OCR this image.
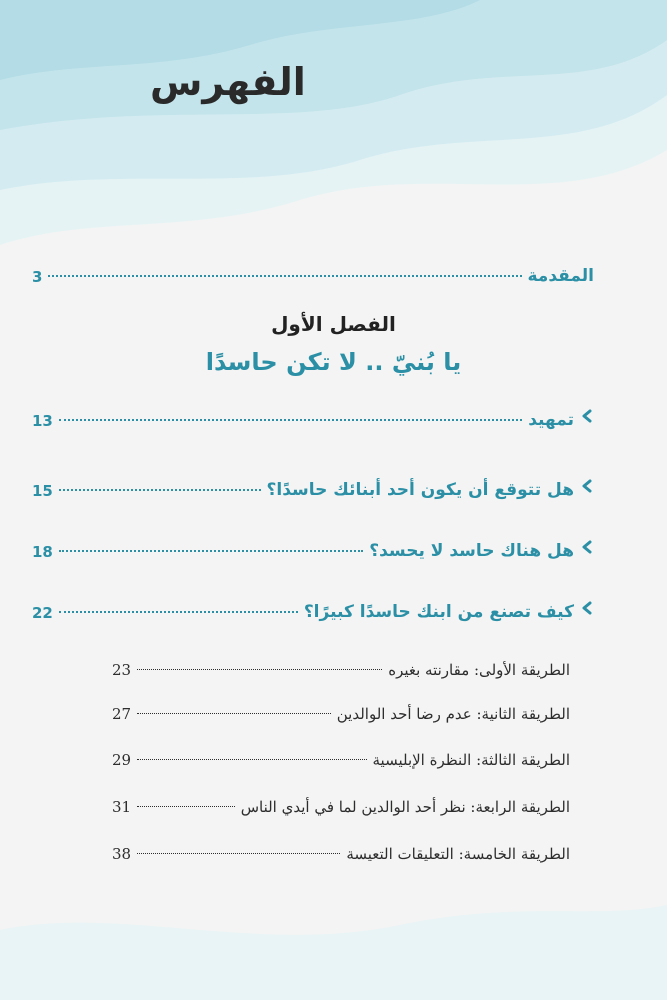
الفهرس
المقدمة
3
الفصل الأول
يا بُنيّ .. لا تكن حاسدًا
تمهيد
13
هل تتوقع أن يكون أحد أبنائك حاسدًا؟
15
هل هناك حاسد لا يحسد؟
18
كيف تصنع من ابنك حاسدًا كبيرًا؟
22
الطريقة الأولى: مقارنته بغيره
23
الطريقة الثانية: عدم رضا أحد الوالدين
27
الطريقة الثالثة: النظرة الإبليسية
29
الطريقة الرابعة: نظر أحد الوالدين لما في أيدي الناس
31
الطريقة الخامسة: التعليقات التعيسة
38
